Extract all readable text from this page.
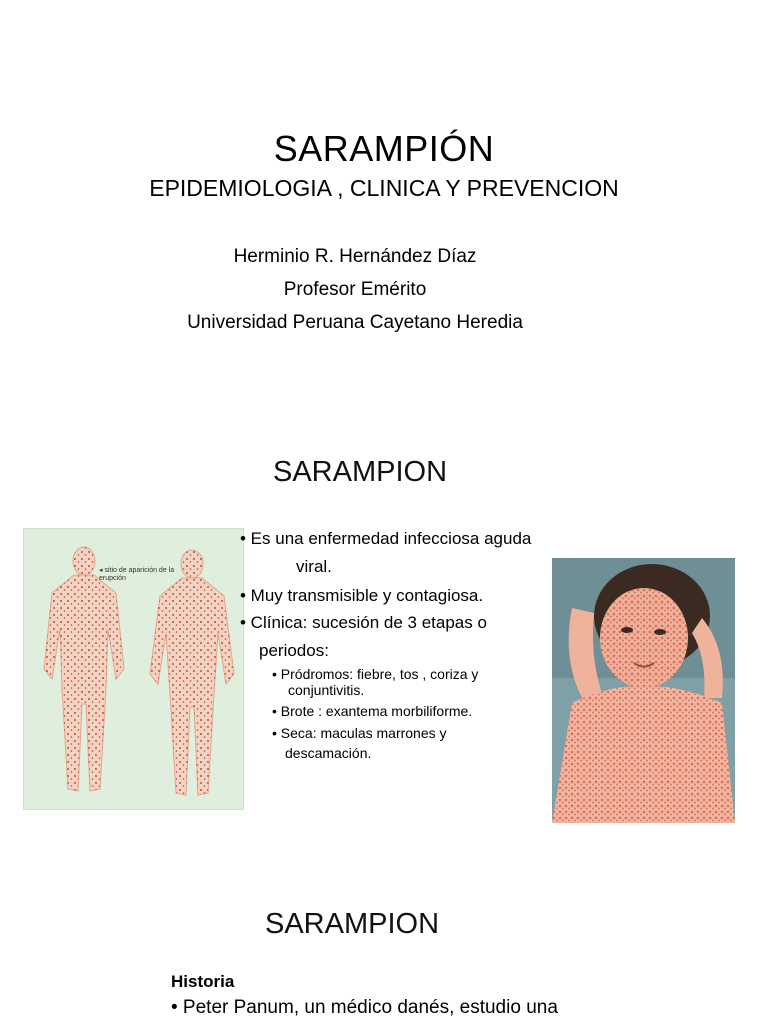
SARAMPIÓN
EPIDEMIOLOGIA , CLINICA Y PREVENCION
Herminio R. Hernández Díaz
Profesor Emérito
Universidad Peruana Cayetano Heredia
SARAMPION
◂ sitio de aparición de la erupción
• Es una enfermedad infecciosa aguda
viral.
• Muy transmisible y contagiosa.
• Clínica: sucesión de 3 etapas o
periodos:
• Pródromos: fiebre, tos , coriza y
conjuntivitis.
• Brote : exantema morbiliforme.
• Seca: maculas marrones y
descamación.
SARAMPION
Historia
• Peter Panum, un médico danés, estudio una
